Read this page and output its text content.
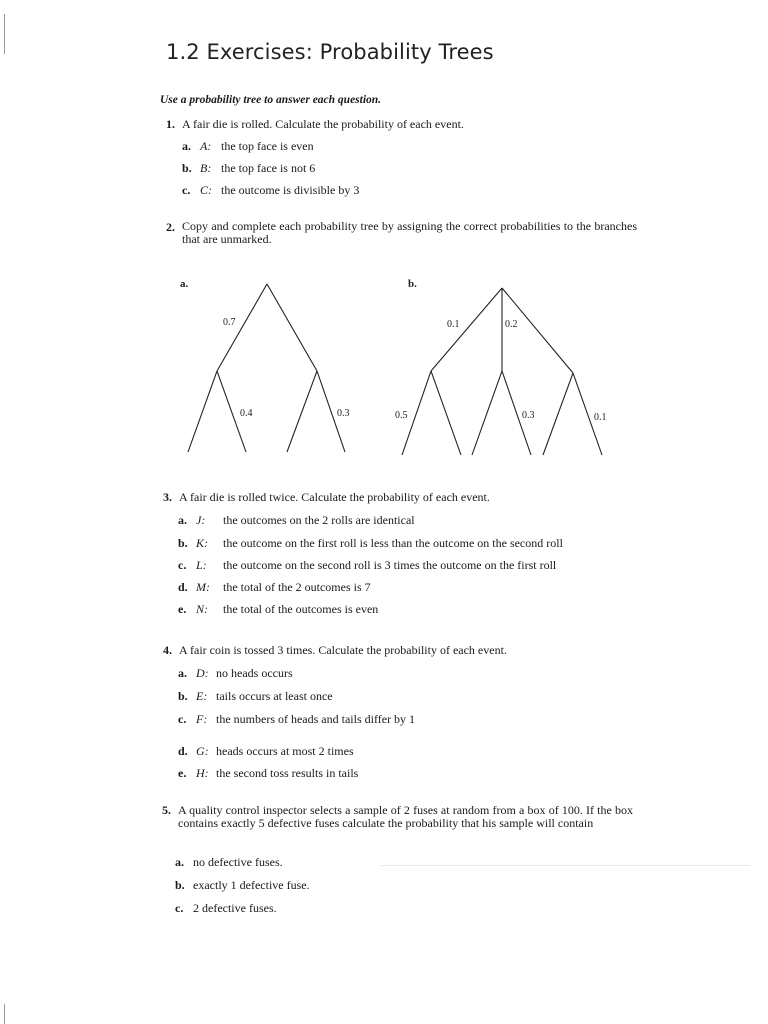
1.2 Exercises: Probability Trees
Use a probability tree to answer each question.
1. A fair die is rolled. Calculate the probability of each event.
a. A: the top face is even
b. B: the top face is not 6
c. C: the outcome is divisible by 3
2. Copy and complete each probability tree by assigning the correct probabilities to the branches that are unmarked.
a.
0.7
0.4	0.3
b.
0.1	0.2
0.5	0.3	0.1
3. A fair die is rolled twice. Calculate the probability of each event.
a. J: the outcomes on the 2 rolls are identical
b. K: the outcome on the first roll is less than the outcome on the second roll
c. L: the outcome on the second roll is 3 times the outcome on the first roll
d. M: the total of the 2 outcomes is 7
e. N: the total of the outcomes is even
4. A fair coin is tossed 3 times. Calculate the probability of each event.
a. D: no heads occurs
b. E: tails occurs at least once
c. F: the numbers of heads and tails differ by 1
d. G: heads occurs at most 2 times
e. H: the second toss results in tails
5. A quality control inspector selects a sample of 2 fuses at random from a box of 100. If the box contains exactly 5 defective fuses calculate the probability that his sample will contain
a. no defective fuses.
b. exactly 1 defective fuse.
c. 2 defective fuses.
